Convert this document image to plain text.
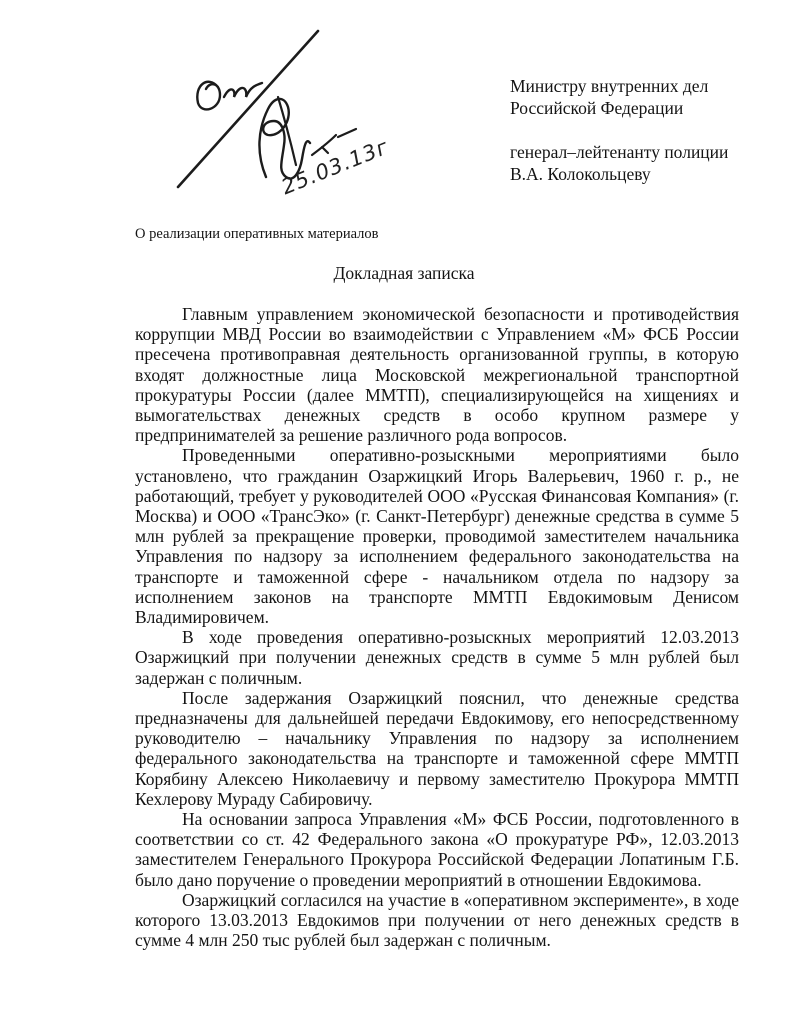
25.03.13г
Министру внутренних дел
Российской Федерации
генерал–лейтенанту полиции
В.А. Колокольцеву
О реализации оперативных материалов
Докладная записка

Главным управлением экономической безопасности и противодействия коррупции МВД России во взаимодействии с Управлением «М» ФСБ России пресечена противоправная деятельность организованной группы, в которую входят должностные лица Московской межрегиональной транспортной прокуратуры России (далее ММТП), специализирующейся на хищениях и вымогательствах денежных средств в особо крупном размере у предпринимателей за решение различного рода вопросов.

Проведенными оперативно-розыскными мероприятиями было установлено, что гражданин Озаржицкий Игорь Валерьевич, 1960 г. р., не работающий, требует у руководителей ООО «Русская Финансовая Компания» (г. Москва) и ООО «ТрансЭко» (г. Санкт-Петербург) денежные средства в сумме 5 млн рублей за прекращение проверки, проводимой заместителем начальника Управления по надзору за исполнением федерального законодательства на транспорте и таможенной сфере - начальником отдела по надзору за исполнением законов на транспорте ММТП Евдокимовым Денисом Владимировичем.

В ходе проведения оперативно-розыскных мероприятий 12.03.2013 Озаржицкий при получении денежных средств в сумме 5 млн рублей был задержан с поличным.

После задержания Озаржицкий пояснил, что денежные средства предназначены для дальнейшей передачи Евдокимову, его непосредственному руководителю – начальнику Управления по надзору за исполнением федерального законодательства на транспорте и таможенной сфере ММТП Корябину Алексею Николаевичу и первому заместителю Прокурора ММТП Кехлерову Мураду Сабировичу.

На основании запроса Управления «М» ФСБ России, подготовленного в соответствии со ст. 42 Федерального закона «О прокуратуре РФ», 12.03.2013 заместителем Генерального Прокурора Российской Федерации Лопатиным Г.Б. было дано поручение о проведении мероприятий в отношении Евдокимова.

Озаржицкий согласился на участие в «оперативном эксперименте», в ходе которого 13.03.2013 Евдокимов при получении от него денежных средств в сумме 4 млн 250 тыс рублей был задержан с поличным.
